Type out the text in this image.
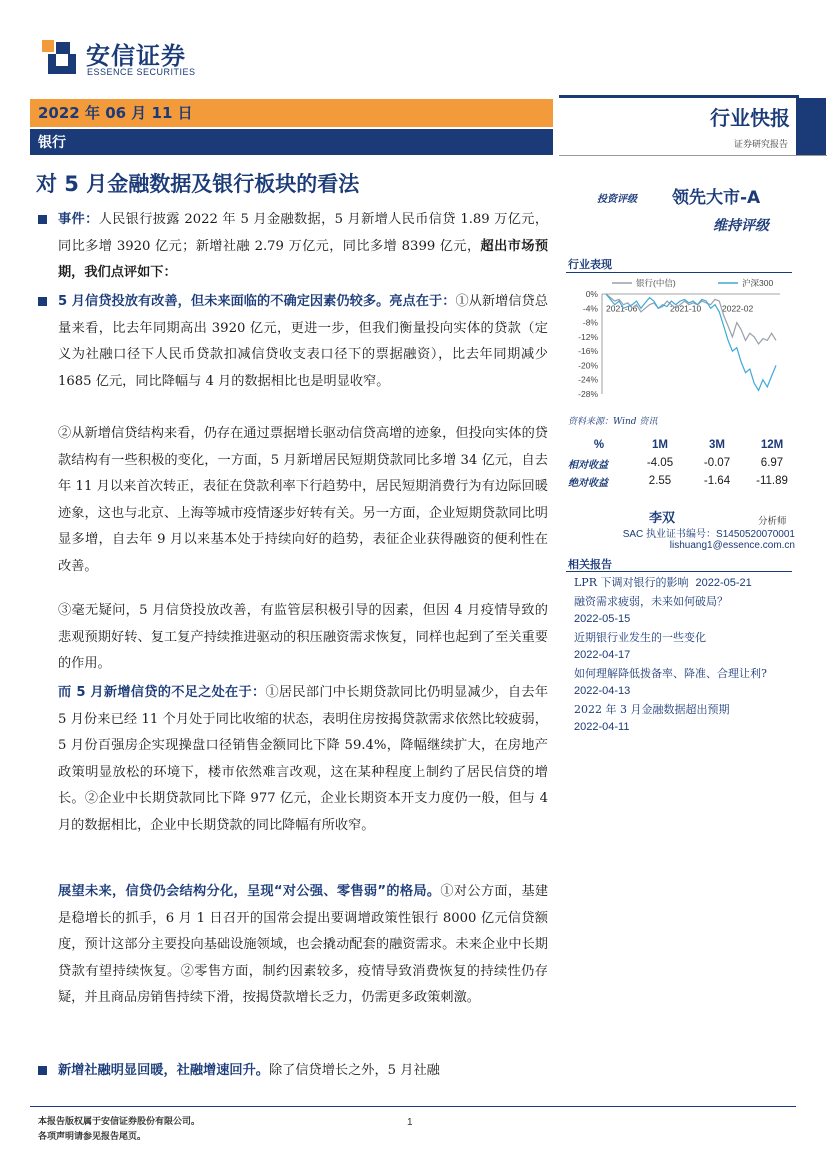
安信证券
ESSENCE SECURITIES
2022 年 06 月 11 日
银行
行业快报
证券研究报告
对 5 月金融数据及银行板块的看法
投资评级 领先大市-A
维持评级
事件：人民银行披露 2022 年 5 月金融数据，5 月新增人民币信贷 1.89 万亿元，同比多增 3920 亿元；新增社融 2.79 万亿元，同比多增 8399 亿元，超出市场预期，我们点评如下：
5 月信贷投放有改善，但未来面临的不确定因素仍较多。亮点在于：①从新增信贷总量来看，比去年同期高出 3920 亿元，更进一步，但我们衡量投向实体的贷款（定义为社融口径下人民币贷款扣减信贷收支表口径下的票据融资），比去年同期减少 1685 亿元，同比降幅与 4 月的数据相比也是明显收窄。
②从新增信贷结构来看，仍存在通过票据增长驱动信贷高增的迹象，但投向实体的贷款结构有一些积极的变化，一方面，5 月新增居民短期贷款同比多增 34 亿元，自去年 11 月以来首次转正，表征在贷款利率下行趋势中，居民短期消费行为有边际回暖迹象，这也与北京、上海等城市疫情逐步好转有关。另一方面，企业短期贷款同比明显多增，自去年 9 月以来基本处于持续向好的趋势，表征企业获得融资的便利性在改善。
③毫无疑问，5 月信贷投放改善，有监管层积极引导的因素，但因 4 月疫情导致的悲观预期好转、复工复产持续推进驱动的积压融资需求恢复，同样也起到了至关重要的作用。
而 5 月新增信贷的不足之处在于：①居民部门中长期贷款同比仍明显减少，自去年 5 月份来已经 11 个月处于同比收缩的状态，表明住房按揭贷款需求依然比较疲弱，5 月份百强房企实现操盘口径销售金额同比下降 59.4%，降幅继续扩大，在房地产政策明显放松的环境下，楼市依然难言改观，这在某种程度上制约了居民信贷的增长。②企业中长期贷款同比下降 977 亿元，企业长期资本开支力度仍一般，但与 4 月的数据相比，企业中长期贷款的同比降幅有所收窄。
展望未来，信贷仍会结构分化，呈现“对公强、零售弱”的格局。①对公方面，基建是稳增长的抓手，6 月 1 日召开的国常会提出要调增政策性银行 8000 亿元信贷额度，预计这部分主要投向基础设施领域，也会撬动配套的融资需求。未来企业中长期贷款有望持续恢复。②零售方面，制约因素较多，疫情导致消费恢复的持续性仍存疑，并且商品房销售持续下滑，按揭贷款增长乏力，仍需更多政策刺激。
新增社融明显回暖，社融增速回升。除了信贷增长之外，5 月社融
行业表现
0%
-4%
-8%
-12%
-16%
-20%
-24%
-28%
2021-06	2021-10 2022-02
银行(中信)	沪深300
资料来源：Wind 资讯
%	1M	3M	12M
相对收益	-4.05	-0.07	6.97
绝对收益	2.55	-1.64	-11.89
李双	分析师
SAC 执业证书编号：S1450520070001
lishuang1@essence.com.cn
相关报告
LPR 下调对银行的影响 2022-05-21
融资需求疲弱，未来如何破局？
2022-05-15
近期银行业发生的一些变化
2022-04-17
如何理解降低拨备率、降准、合理让利?
2022-04-13
2022 年 3 月金融数据超出预期
2022-04-11
本报告版权属于安信证券股份有限公司。
各项声明请参见报告尾页。
1
